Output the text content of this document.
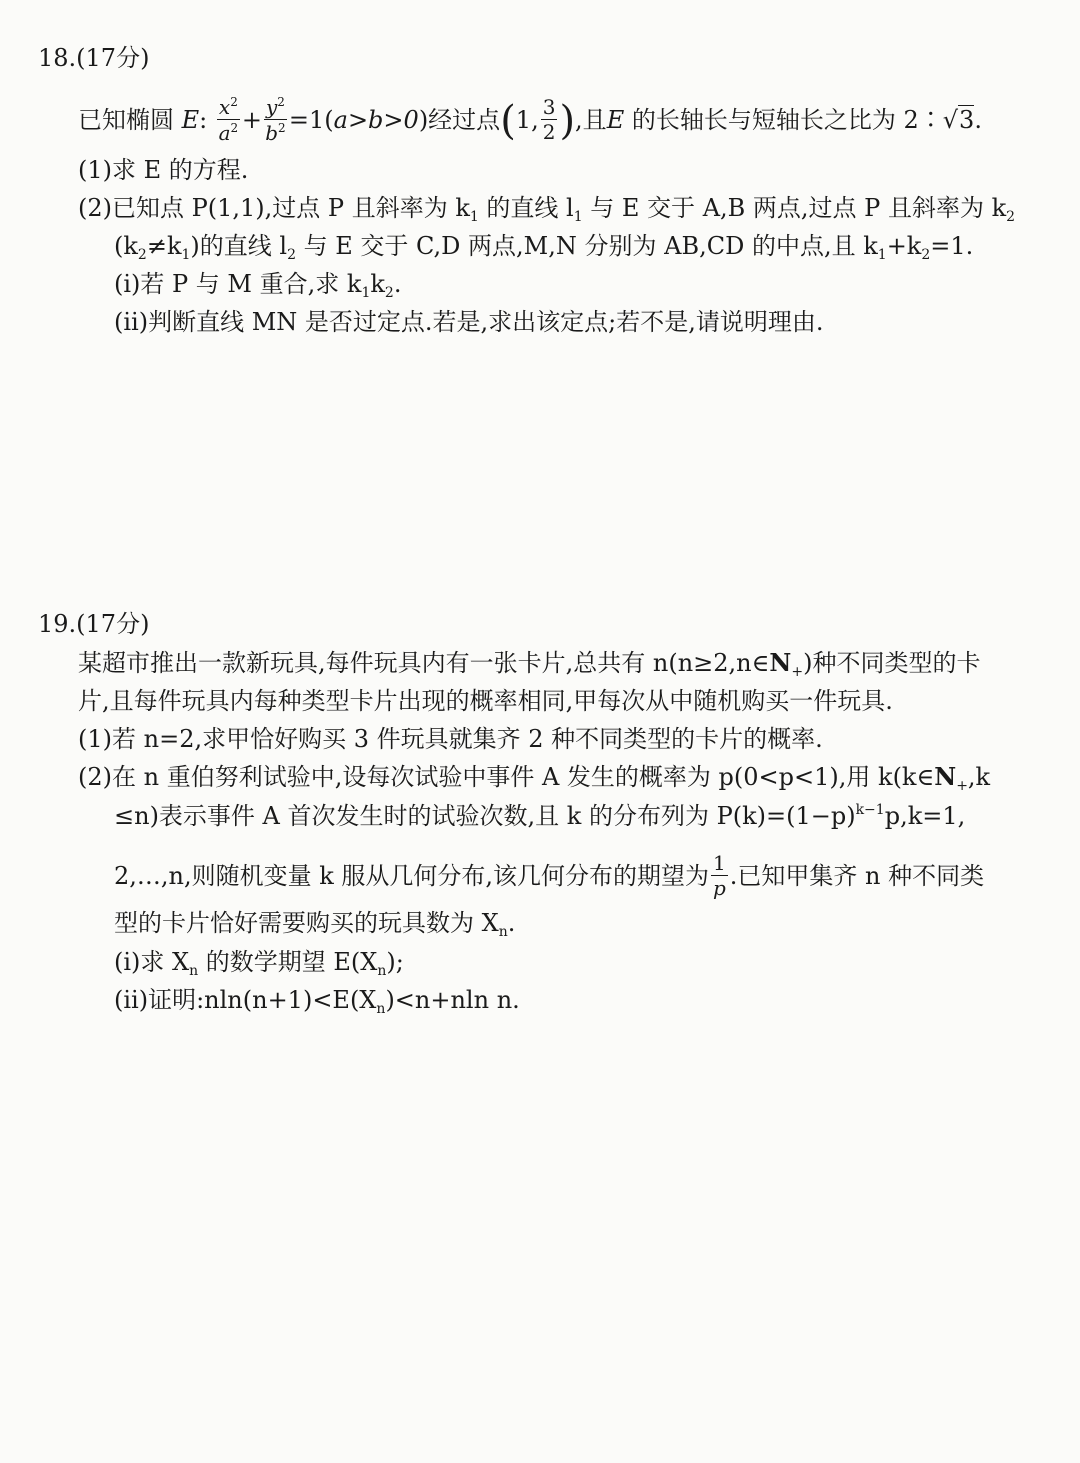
18.(17分)
已知椭圆 E: $\frac{x^2}{a^2} + \frac{y^2}{b^2} =1(a>b>0)$经过点(1, $\frac{3}{2}$ ),且E 的长轴长与短轴长之比为 2∶√3.
(1)求 E 的方程.
(2)已知点 P(1,1),过点 P 且斜率为 $k_1$ 的直线 $l_1$ 与 E 交于 A,B 两点,过点 P 且斜率为 $k_2$
$(k_2\ne k_1)$的直线 $l_2$ 与 E 交于 C,D 两点,M,N 分别为 AB,CD 的中点,且 $k_1+k_2=1$.
(ⅰ)若 P 与 M 重合,求 $k_1k_2$.
(ⅱ)判断直线 MN 是否过定点.若是,求出该定点;若不是,请说明理由.
19.(17分)
某超市推出一款新玩具,每件玩具内有一张卡片,总共有 $n(n\ge 2,n\in N_+)$种不同类型的卡
片,且每件玩具内每种类型卡片出现的概率相同,甲每次从中随机购买一件玩具.
(1)若 n=2,求甲恰好购买 3 件玩具就集齐 2 种不同类型的卡片的概率.
(2)在 n 重伯努利试验中,设每次试验中事件 A 发生的概率为 p(0<p<1),用 $k(k\in N_+,k$
≤n)表示事件 A 首次发生时的试验次数,且 k 的分布列为 $P(k)=(1-p)^{k-1}p,k=1$,
2,…,n,则随机变量 k 服从几何分布,该几何分布的期望为 $\frac{1}{p}$ .已知甲集齐 n 种不同类
型的卡片恰好需要购买的玩具数为 $X_n$.
(ⅰ)求 $X_n$ 的数学期望 $E(X_n)$;
(ⅱ)证明$:nln(n+1)<E(X_n)<n+nln$ n.
